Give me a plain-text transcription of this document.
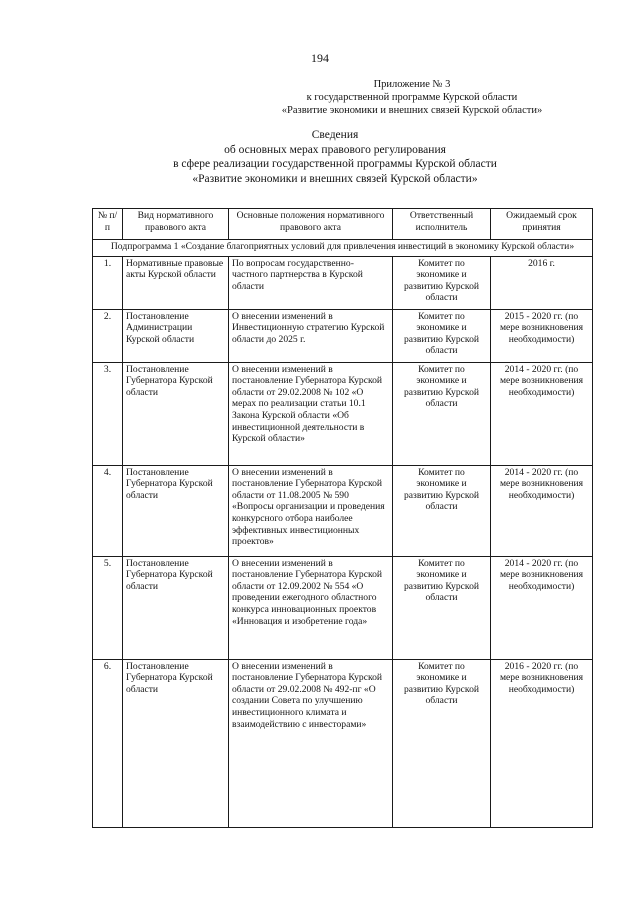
194
Приложение № 3
к государственной программе Курской области
«Развитие экономики и внешних связей Курской области»
Сведения
об основных мерах правового регулирования
в сфере реализации государственной программы Курской области
«Развитие экономики и внешних связей Курской области»
№ п/п	Вид нормативного правового акта	Основные положения нормативного правового акта	Ответственный исполнитель	Ожидаемый срок принятия
Подпрограмма 1 «Создание благоприятных условий для привлечения инвестиций в экономику Курской области»				
1.	Нормативные правовые акты Курской области	По вопросам государственно-частного партнерства в Курской области	Комитет по экономике и развитию Курской области	2016 г.
2.	Постановление Администрации Курской области	О внесении изменений в Инвестиционную стратегию Курской области до 2025 г.	Комитет по экономике и развитию Курской области	2015 - 2020 гг. (по мере возникновения необходимости)
3.	Постановление Губернатора Курской области	О внесении изменений в постановление Губернатора Курской области от 29.02.2008 № 102 «О мерах по реализации статьи 10.1 Закона Курской области «Об инвестиционной деятельности в Курской области»	Комитет по экономике и развитию Курской области	2014 - 2020 гг. (по мере возникновения необходимости)
4.	Постановление Губернатора Курской области	О внесении изменений в постановление Губернатора Курской области от 11.08.2005 № 590 «Вопросы организации и проведения конкурсного отбора наиболее эффективных инвестиционных проектов»	Комитет по экономике и развитию Курской области	2014 - 2020 гг. (по мере возникновения необходимости)
5.	Постановление Губернатора Курской области	О внесении изменений в постановление Губернатора Курской области от 12.09.2002 № 554 «О проведении ежегодного областного конкурса инновационных проектов «Инновация и изобретение года»	Комитет по экономике и развитию Курской области	2014 - 2020 гг. (по мере возникновения необходимости)
6.	Постановление Губернатора Курской области	О внесении изменений в постановление Губернатора Курской области от 29.02.2008 № 492-пг «О создании Совета по улучшению инвестиционного климата и взаимодействию с инвесторами»	Комитет по экономике и развитию Курской области	2016 - 2020 гг. (по мере возникновения необходимости)
